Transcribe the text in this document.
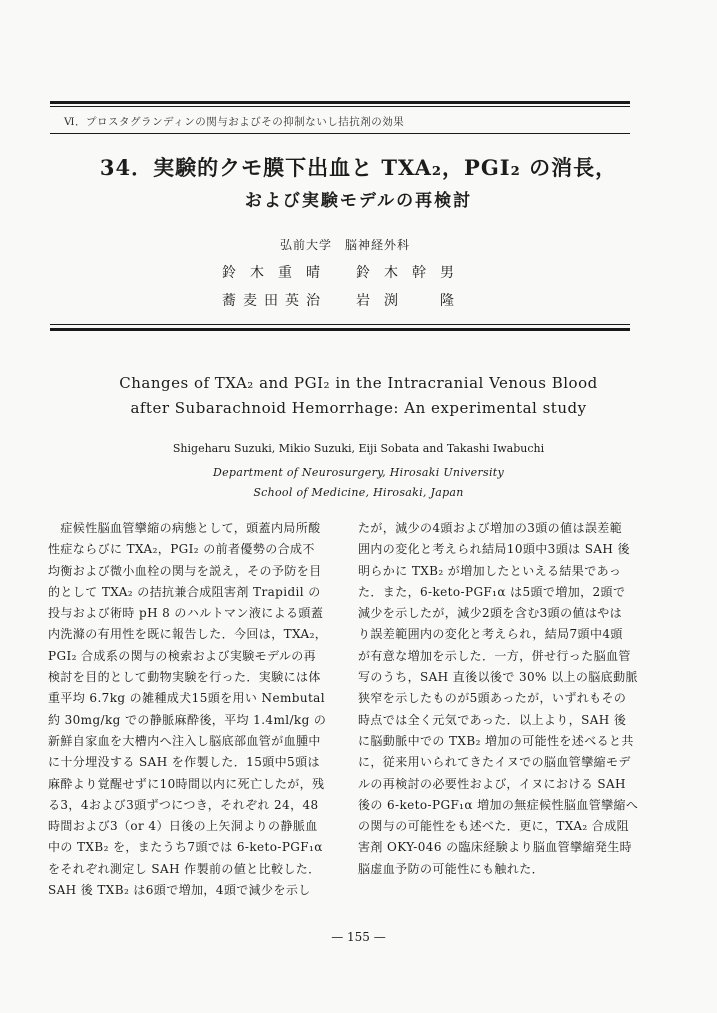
Ⅵ．プロスタグランディンの関与およびその抑制ないし拮抗剤の効果
34．実験的クモ膜下出血と TXA₂，PGI₂ の消長，
および実験モデルの再検討
弘前大学　脳神経外科
鈴木重晴 鈴木幹男
蕎麦田英治 岩渕　隆
Changes of TXA₂ and PGI₂ in the Intracranial Venous Blood
after Subarachnoid Hemorrhage: An experimental study
Shigeharu Suzuki, Mikio Suzuki, Eiji Sobata and Takashi Iwabuchi
Department of Neurosurgery, Hirosaki University
School of Medicine, Hirosaki, Japan
　症候性脳血管攣縮の病態として，頭蓋内局所酸
性症ならびに TXA₂，PGI₂ の前者優勢の合成不
均衡および微小血栓の関与を説え，その予防を目
的として TXA₂ の拮抗兼合成阻害剤 Trapidil の
投与および術時 pH 8 のハルトマン液による頭蓋
内洗滌の有用性を既に報告した．今回は，TXA₂，
PGI₂ 合成系の関与の検索および実験モデルの再
検討を目的として動物実験を行った．実験には体
重平均 6.7kg の雑種成犬15頭を用い Nembutal
約 30mg/kg での静脈麻酔後，平均 1.4ml/kg の
新鮮自家血を大槽内へ注入し脳底部血管が血腫中
に十分埋没する SAH を作製した．15頭中5頭は
麻酔より覚醒せずに10時間以内に死亡したが，残
る3，4および3頭ずつにつき，それぞれ 24，48
時間および3（or 4）日後の上矢洞よりの静脈血
中の TXB₂ を，またうち7頭では 6-keto-PGF₁α
をそれぞれ測定し SAH 作製前の値と比較した．
SAH 後 TXB₂ は6頭で増加，4頭で減少を示し
たが，減少の4頭および増加の3頭の値は誤差範
囲内の変化と考えられ結局10頭中3頭は SAH 後
明らかに TXB₂ が増加したといえる結果であっ
た．また，6-keto-PGF₁α は5頭で増加，2頭で
減少を示したが，減少2頭を含む3頭の値はやは
り誤差範囲内の変化と考えられ，結局7頭中4頭
が有意な増加を示した．一方，併せ行った脳血管
写のうち，SAH 直後以後で 30% 以上の脳底動脈
狭窄を示したものが5頭あったが，いずれもその
時点では全く元気であった．以上より，SAH 後
に脳動脈中での TXB₂ 増加の可能性を述べると共
に，従来用いられてきたイヌでの脳血管攣縮モデ
ルの再検討の必要性および，イヌにおける SAH
後の 6-keto-PGF₁α 増加の無症候性脳血管攣縮へ
の関与の可能性をも述べた．更に，TXA₂ 合成阻
害剤 OKY-046 の臨床経験より脳血管攣縮発生時
脳虚血予防の可能性にも触れた．
— 155 —
